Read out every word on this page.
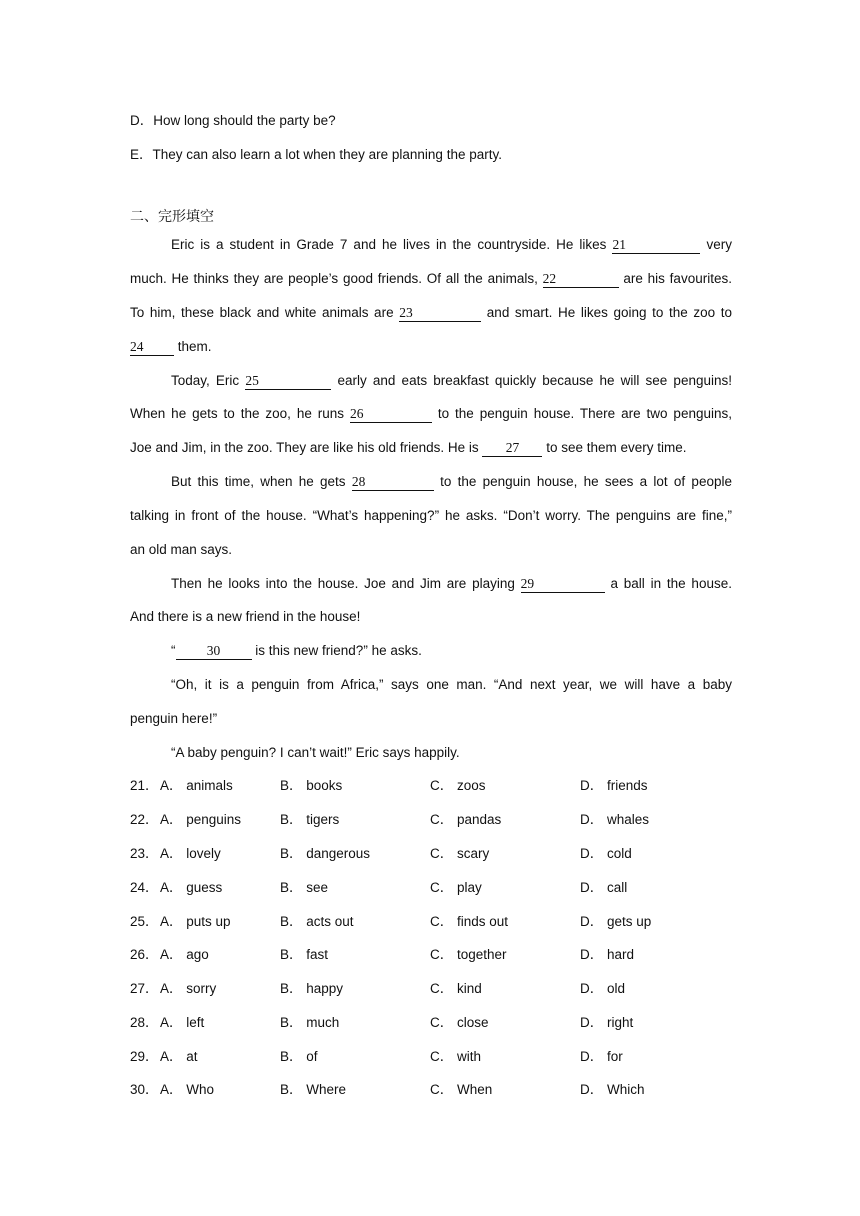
D．How long should the party be?
E．They can also learn a lot when they are planning the party.
二、完形填空
Eric is a student in Grade 7 and he lives in the countryside. He likes 21	very
much. He thinks they are people’s good friends. Of all the animals, 22	are his favourites.
To him, these black and white animals are 23	and smart. He likes going to the zoo to
24	them.
Today, Eric 25	early and eats breakfast quickly because he will see penguins!
When he gets to the zoo, he runs 26	to the penguin house. There are two penguins,
Joe and Jim, in the zoo. They are like his old friends. He is 27 to see them every time.
But this time, when he gets 28	to the penguin house, he sees a lot of people
talking in front of the house. “What’s happening?” he asks. “Don’t worry. The penguins are fine,”
an old man says.
Then he looks into the house. Joe and Jim are playing 29	a ball in the house.
And there is a new friend in the house!
“ 30	is this new friend?” he asks.
“Oh, it is a penguin from Africa,” says one man. “And next year, we will have a baby
penguin here!”
“A baby penguin? I can’t wait!” Eric says happily.
21． A． animals	B． books	C． zoos	D． friends
22． A． penguins	B． tigers	C． pandas	D． whales
23． A． lovely	B． dangerous	C． scary	D． cold
24． A． guess	B． see	C． play	D． call
25． A． puts up	B． acts out	C． finds out	D． gets up
26． A． ago	B． fast	C． together	D． hard
27． A． sorry	B． happy	C． kind	D． old
28． A． left	B． much	C． close	D． right
29． A． at	B． of	C． with	D． for
30． A． Who	B． Where	C． When	D． Which
